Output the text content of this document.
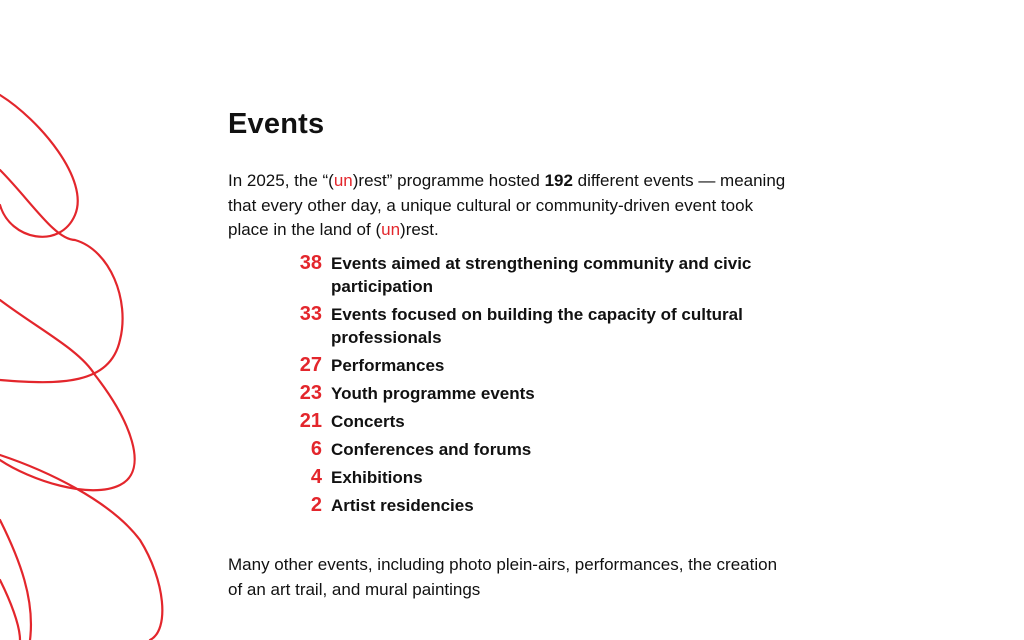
Events

In 2025, the “(un)rest” programme hosted 192 different events — meaning that every other day, a unique cultural or community-driven event took place in the land of (un)rest.

38 Events aimed at strengthening community and civic participation
33 Events focused on building the capacity of cultural professionals
27 Performances
23 Youth programme events
21 Concerts
6 Conferences and forums
4 Exhibitions
2 Artist residencies

Many other events, including photo plein-airs, performances, the creation of an art trail, and mural paintings
